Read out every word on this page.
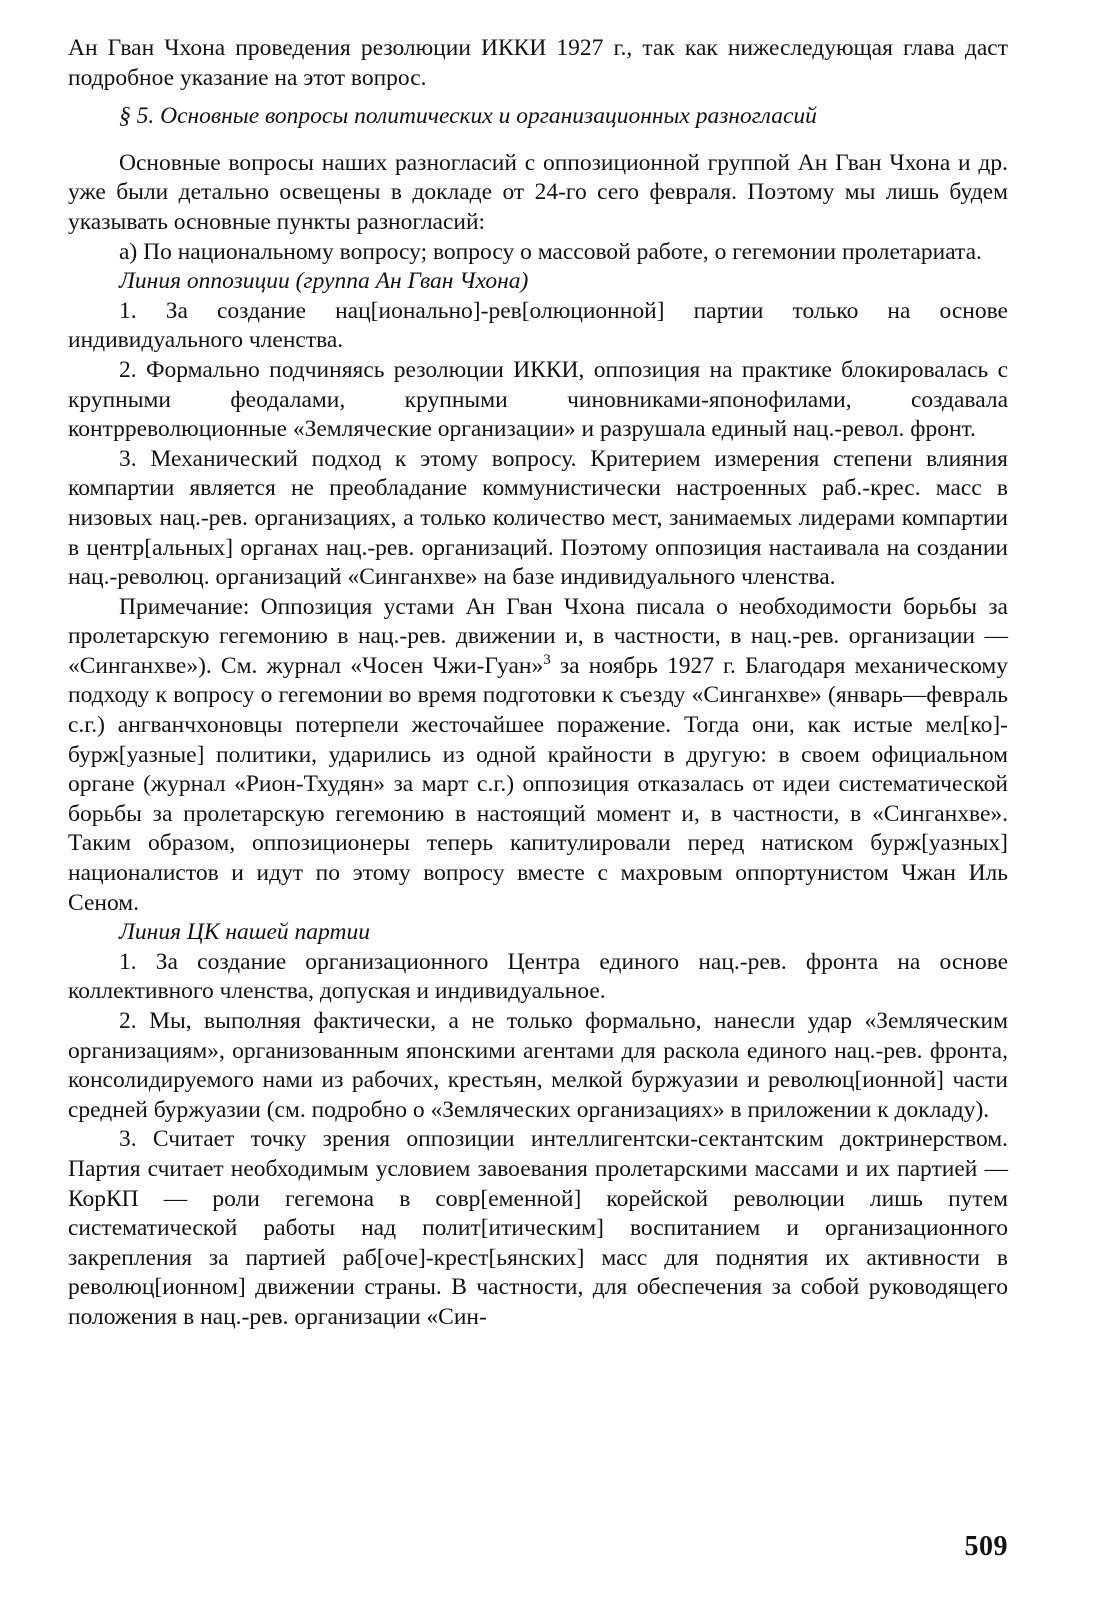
Ан Гван Чхона проведения резолюции ИККИ 1927 г., так как нижеследующая глава даст подробное указание на этот вопрос.

§ 5. Основные вопросы политических и организационных разногласий

Основные вопросы наших разногласий с оппозиционной группой Ан Гван Чхона и др. уже были детально освещены в докладе от 24-го сего февраля. Поэтому мы лишь будем указывать основные пункты разногласий:

а) По национальному вопросу; вопросу о массовой работе, о гегемонии пролетариата.

Линия оппозиции (группа Ан Гван Чхона)

1. За создание нац[ионально]-рев[олюционной] партии только на основе индивидуального членства.

2. Формально подчиняясь резолюции ИККИ, оппозиция на практике блокировалась с крупными феодалами, крупными чиновниками-японофилами, создавала контрреволюционные «Земляческие организации» и разрушала единый нац.-револ. фронт.

3. Механический подход к этому вопросу. Критерием измерения степени влияния компартии является не преобладание коммунистически настроенных раб.-крес. масс в низовых нац.-рев. организациях, а только количество мест, занимаемых лидерами компартии в центр[альных] органах нац.-рев. организаций. Поэтому оппозиция настаивала на создании нац.-революц. организаций «Синганхве» на базе индивидуального членства.

Примечание: Оппозиция устами Ан Гван Чхона писала о необходимости борьбы за пролетарскую гегемонию в нац.-рев. движении и, в частности, в нац.-рев. организации — «Синганхве»). См. журнал «Чосен Чжи-Гуан»$^3$ за ноябрь 1927 г. Благодаря механическому подходу к вопросу о гегемонии во время подготовки к съезду «Синганхве» (январь—февраль с.г.) ангванчхоновцы потерпели жесточайшее поражение. Тогда они, как истые мел[ко]-бурж[уазные] политики, ударились из одной крайности в другую: в своем официальном органе (журнал «Рион-Тхудян» за март с.г.) оппозиция отказалась от идеи систематической борьбы за пролетарскую гегемонию в настоящий момент и, в частности, в «Синганхве». Таким образом, оппозиционеры теперь капитулировали перед натиском бурж[уазных] националистов и идут по этому вопросу вместе с махровым оппортунистом Чжан Иль Сеном.

Линия ЦК нашей партии

1. За создание организационного Центра единого нац.-рев. фронта на основе коллективного членства, допуская и индивидуальное.

2. Мы, выполняя фактически, а не только формально, нанесли удар «Земляческим организациям», организованным японскими агентами для раскола единого нац.-рев. фронта, консолидируемого нами из рабочих, крестьян, мелкой буржуазии и революц[ионной] части средней буржуазии (см. подробно о «Земляческих организациях» в приложении к докладу).

3. Считает точку зрения оппозиции интеллигентски-сектантским доктринерством. Партия считает необходимым условием завоевания пролетарскими массами и их партией — КорКП — роли гегемона в совр[еменной] корейской революции лишь путем систематической работы над полит[итическим] воспитанием и организационного закрепления за партией раб[оче]-крест[ьянских] масс для поднятия их активности в революц[ионном] движении страны. В частности, для обеспечения за собой руководящего положения в нац.-рев. организации «Син-

509
